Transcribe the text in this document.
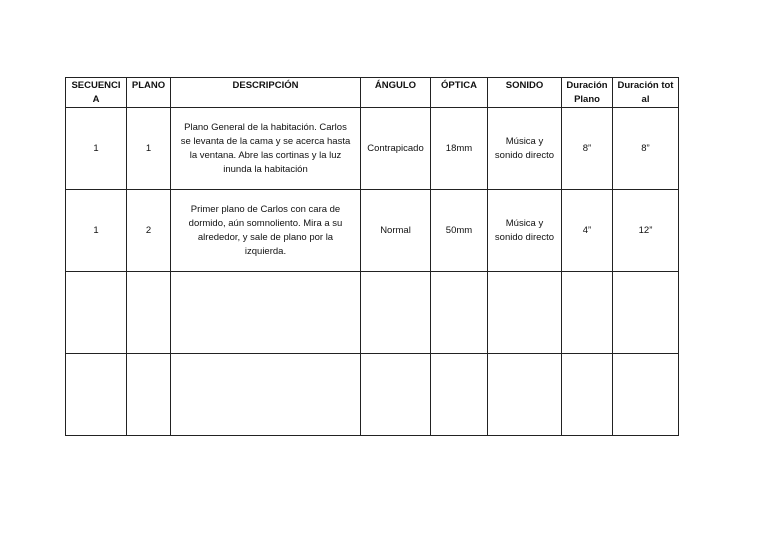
SECUENCIA	PLANO	DESCRIPCIÓN	ÁNGULO	ÓPTICA	SONIDO	Duración Plano	Duración total
1	1	Plano General de la habitación. Carlos se levanta de la cama y se acerca hasta la ventana. Abre las cortinas y la luz inunda la habitación	Contrapicado	18mm	Música y sonido directo	8”	8”
1	2	Primer plano de Carlos con cara de dormido, aún somnoliento. Mira a su alrededor, y sale de plano por la izquierda.	Normal	50mm	Música y sonido directo	4”	12”
